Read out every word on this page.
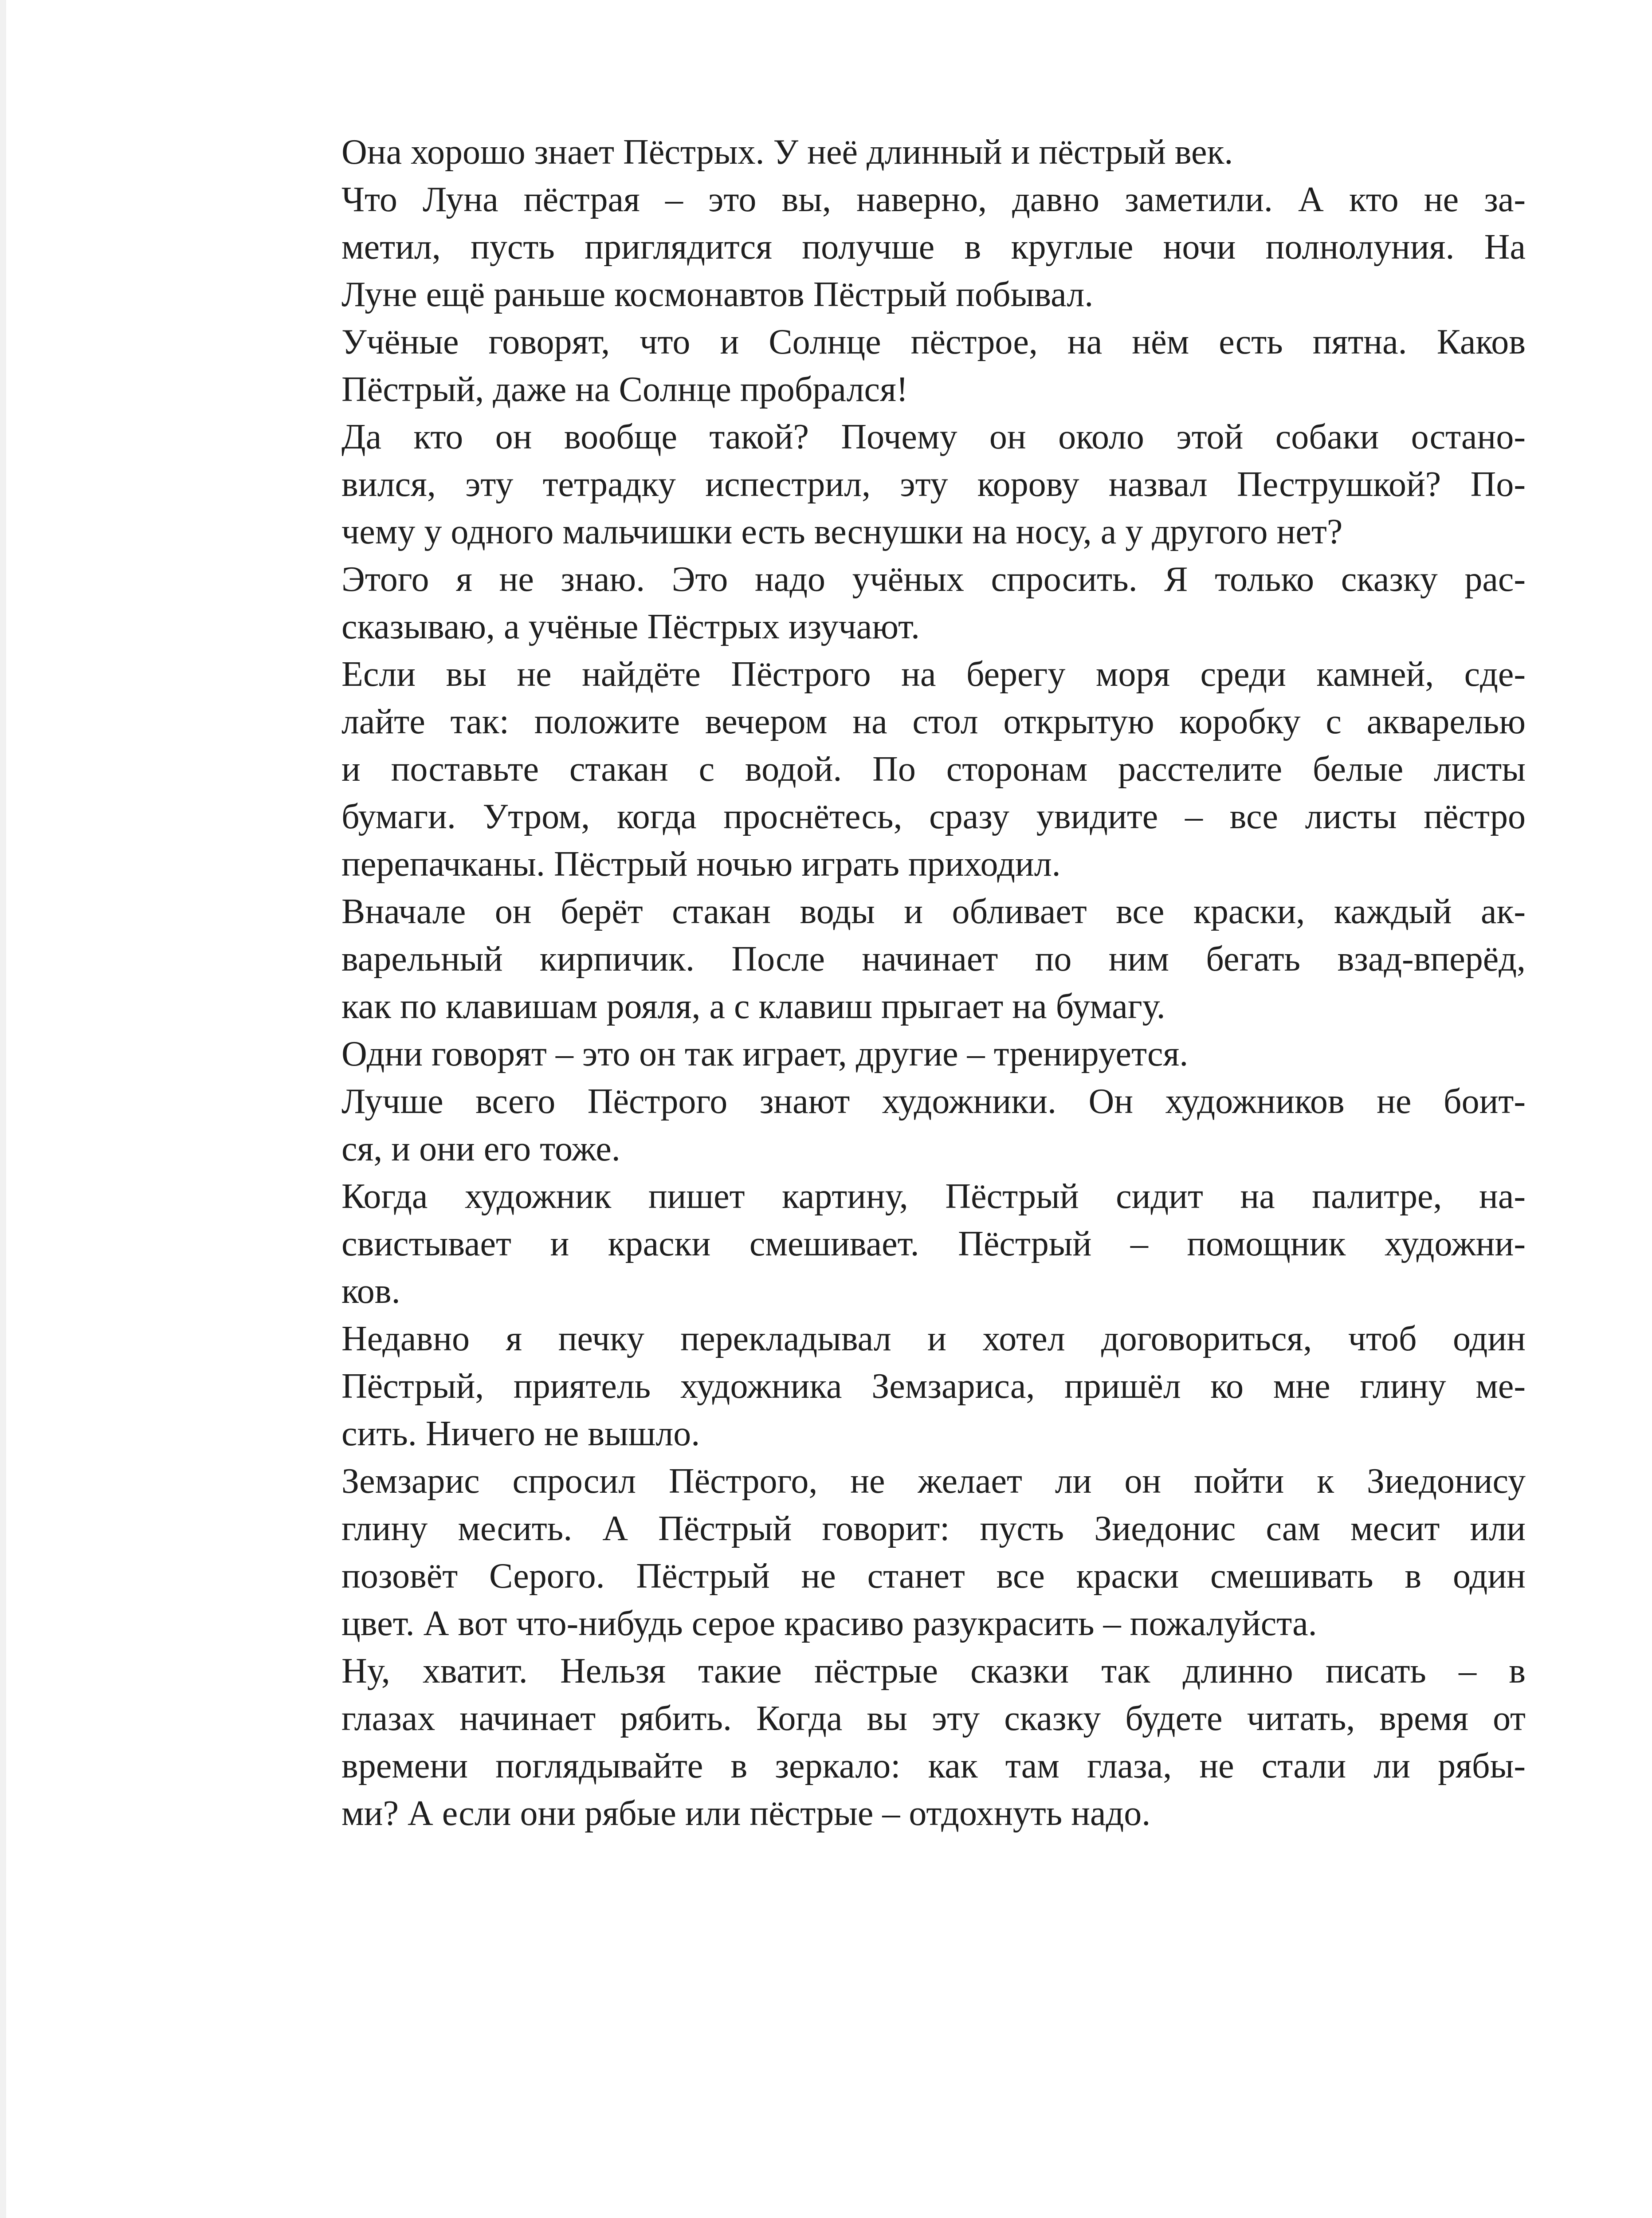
Она хорошо знает Пёстрых. У неё длинный и пёстрый век.
Что Луна пёстрая – это вы, наверно, давно заметили. А кто не за-
метил, пусть приглядится получше в круглые ночи полнолуния. На
Луне ещё раньше космонавтов Пёстрый побывал.
Учёные говорят, что и Солнце пёстрое, на нём есть пятна. Каков
Пёстрый, даже на Солнце пробрался!
Да кто он вообще такой? Почему он около этой собаки остано-
вился, эту тетрадку испестрил, эту корову назвал Пеструшкой? По-
чему у одного мальчишки есть веснушки на носу, а у другого нет?
Этого я не знаю. Это надо учёных спросить. Я только сказку рас-
сказываю, а учёные Пёстрых изучают.
Если вы не найдёте Пёстрого на берегу моря среди камней, сде-
лайте так: положите вечером на стол открытую коробку с акварелью
и поставьте стакан с водой. По сторонам расстелите белые листы
бумаги. Утром, когда проснётесь, сразу увидите – все листы пёстро
перепачканы. Пёстрый ночью играть приходил.
Вначале он берёт стакан воды и обливает все краски, каждый ак-
варельный кирпичик. После начинает по ним бегать взад-вперёд,
как по клавишам рояля, а с клавиш прыгает на бумагу.
Одни говорят – это он так играет, другие – тренируется.
Лучше всего Пёстрого знают художники. Он художников не боит-
ся, и они его тоже.
Когда художник пишет картину, Пёстрый сидит на палитре, на-
свистывает и краски смешивает. Пёстрый – помощник художни-
ков.
Недавно я печку перекладывал и хотел договориться, чтоб один
Пёстрый, приятель художника Земзариса, пришёл ко мне глину ме-
сить. Ничего не вышло.
Земзарис спросил Пёстрого, не желает ли он пойти к Зиедонису
глину месить. А Пёстрый говорит: пусть Зиедонис сам месит или
позовёт Серого. Пёстрый не станет все краски смешивать в один
цвет. А вот что-нибудь серое красиво разукрасить – пожалуйста.
Ну, хватит. Нельзя такие пёстрые сказки так длинно писать – в
глазах начинает рябить. Когда вы эту сказку будете читать, время от
времени поглядывайте в зеркало: как там глаза, не стали ли рябы-
ми? А если они рябые или пёстрые – отдохнуть надо.
